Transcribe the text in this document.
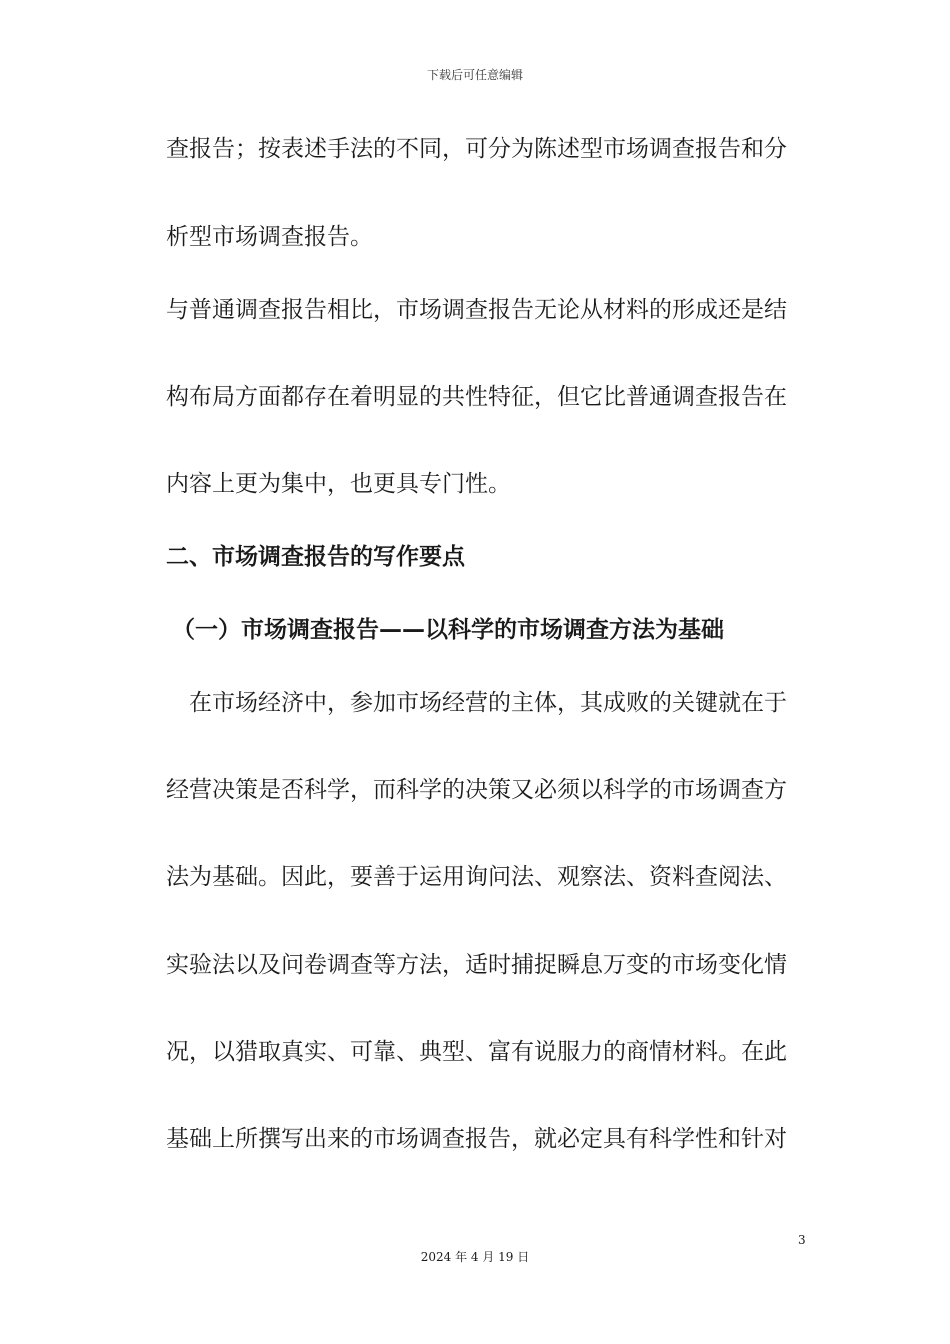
下载后可任意编辑
查报告；按表述手法的不同，可分为陈述型市场调查报告和分
析型市场调查报告。
与普通调查报告相比，市场调查报告无论从材料的形成还是结
构布局方面都存在着明显的共性特征，但它比普通调查报告在
内容上更为集中，也更具专门性。
二、市场调查报告的写作要点
（一）市场调查报告——以科学的市场调查方法为基础
在市场经济中，参加市场经营的主体，其成败的关键就在于
经营决策是否科学，而科学的决策又必须以科学的市场调查方
法为基础。因此，要善于运用询问法、观察法、资料查阅法、
实验法以及问卷调查等方法，适时捕捉瞬息万变的市场变化情
况，以猎取真实、可靠、典型、富有说服力的商情材料。在此
基础上所撰写出来的市场调查报告，就必定具有科学性和针对
3
2024 年 4 月 19 日
